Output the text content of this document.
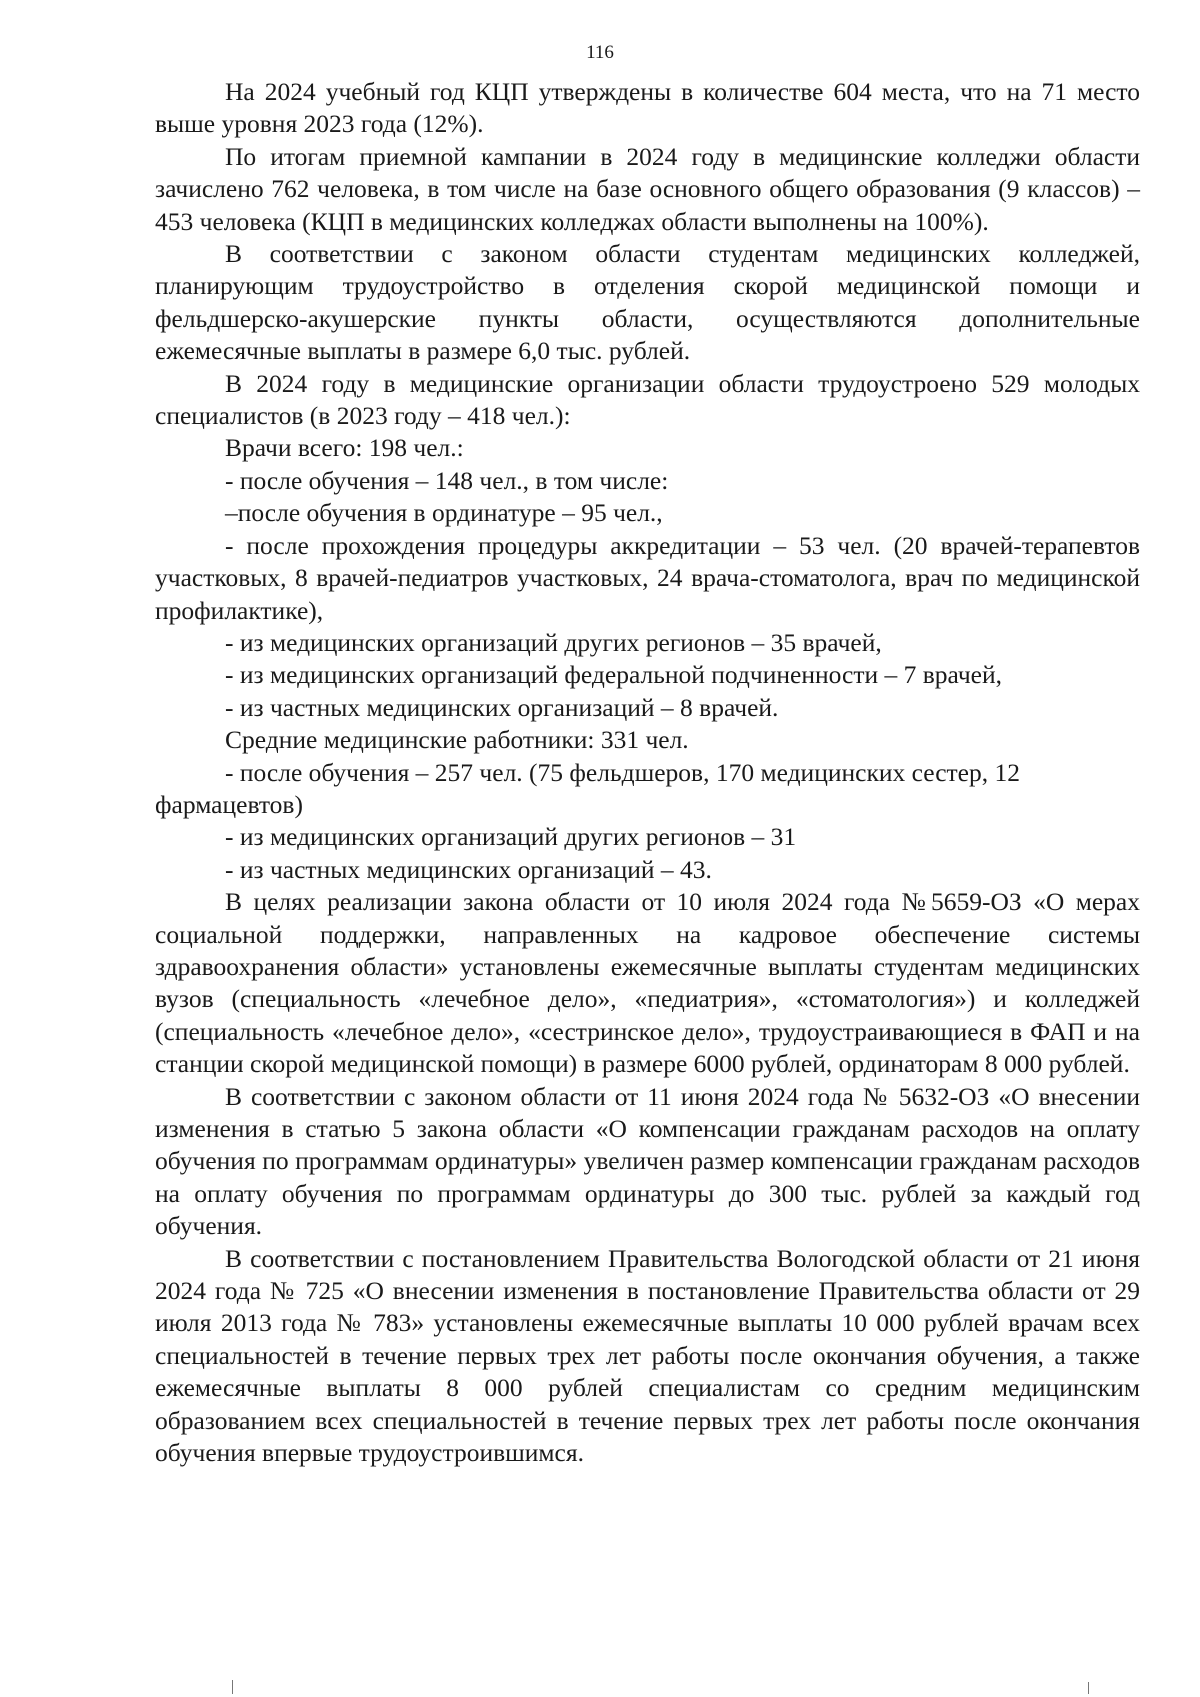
116

На 2024 учебный год КЦП утверждены в количестве 604 места, что на 71 место выше уровня 2023 года (12%).

По итогам приемной кампании в 2024 году в медицинские колледжи области зачислено 762 человека, в том числе на базе основного общего образования (9 классов) – 453 человека (КЦП в медицинских колледжах области выполнены на 100%).

В соответствии с законом области студентам медицинских колледжей, планирующим трудоустройство в отделения скорой медицинской помощи и фельдшерско-акушерские пункты области, осуществляются дополнительные ежемесячные выплаты в размере 6,0 тыс. рублей.

В 2024 году в медицинские организации области трудоустроено 529 молодых специалистов (в 2023 году – 418 чел.):

Врачи всего: 198 чел.:

- после обучения – 148 чел., в том числе:

–после обучения в ординатуре – 95 чел.,

- после прохождения процедуры аккредитации – 53 чел. (20 врачей-терапевтов участковых, 8 врачей-педиатров участковых, 24 врача-стоматолога, врач по медицинской профилактике),

- из медицинских организаций других регионов – 35 врачей,

- из медицинских организаций федеральной подчиненности – 7 врачей,

- из частных медицинских организаций – 8 врачей.

Средние медицинские работники: 331 чел.

- после обучения – 257 чел. (75 фельдшеров, 170 медицинских сестер, 12 фармацевтов)

- из медицинских организаций других регионов – 31

- из частных медицинских организаций – 43.

В целях реализации закона области от 10 июля 2024 года №5659-ОЗ «О мерах социальной поддержки, направленных на кадровое обеспечение системы здравоохранения области» установлены ежемесячные выплаты студентам медицинских вузов (специальность «лечебное дело», «педиатрия», «стоматология») и колледжей (специальность «лечебное дело», «сестринское дело», трудоустраивающиеся в ФАП и на станции скорой медицинской помощи) в размере 6000 рублей, ординаторам 8 000 рублей.

В соответствии с законом области от 11 июня 2024 года № 5632-ОЗ «О внесении изменения в статью 5 закона области «О компенсации гражданам расходов на оплату обучения по программам ординатуры» увеличен размер компенсации гражданам расходов на оплату обучения по программам ординатуры до 300 тыс. рублей за каждый год обучения.

В соответствии с постановлением Правительства Вологодской области от 21 июня 2024 года № 725 «О внесении изменения в постановление Правительства области от 29 июля 2013 года № 783» установлены ежемесячные выплаты 10 000 рублей врачам всех специальностей в течение первых трех лет работы после окончания обучения, а также ежемесячные выплаты 8 000 рублей специалистам со средним медицинским образованием всех специальностей в течение первых трех лет работы после окончания обучения впервые трудоустроившимся.
